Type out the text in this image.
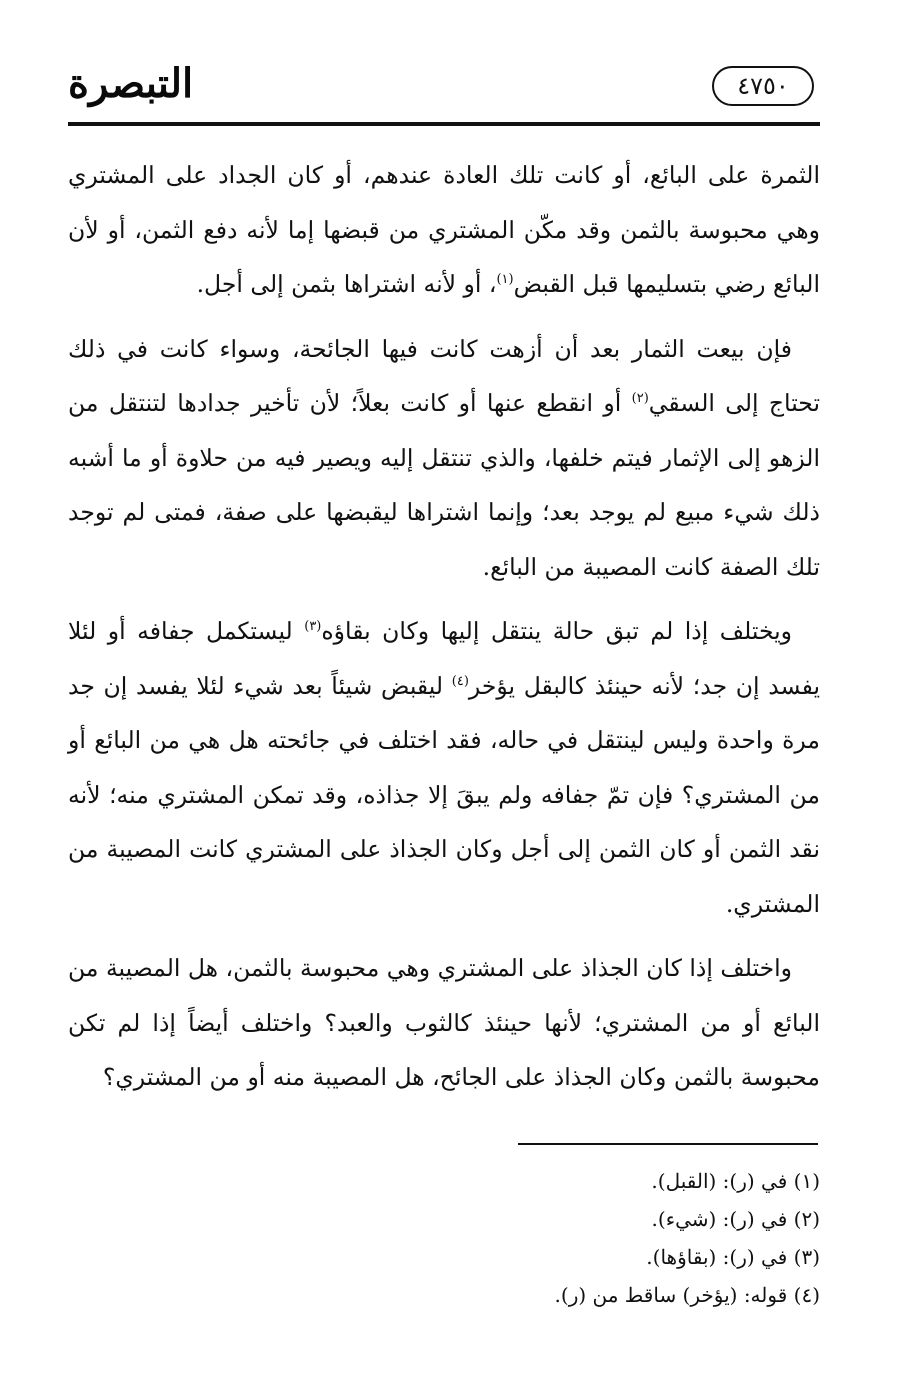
التبصرة	٤٧٥٠

الثمرة على البائع، أو كانت تلك العادة عندهم، أو كان الجداد على المشتري وهي محبوسة بالثمن وقد مكّن المشتري من قبضها إما لأنه دفع الثمن، أو لأن البائع رضي بتسليمها قبل القبض$^{(١)}$، أو لأنه اشتراها بثمن إلى أجل.

فإن بيعت الثمار بعد أن أزهت كانت فيها الجائحة، وسواء كانت في ذلك تحتاج إلى السقي$^{(٢)}$ أو انقطع عنها أو كانت بعلاً؛ لأن تأخير جدادها لتنتقل من الزهو إلى الإثمار فيتم خلفها، والذي تنتقل إليه ويصير فيه من حلاوة أو ما أشبه ذلك شيء مبيع لم يوجد بعد؛ وإنما اشتراها ليقبضها على صفة، فمتى لم توجد تلك الصفة كانت المصيبة من البائع.

ويختلف إذا لم تبق حالة ينتقل إليها وكان بقاؤه$^{(٣)}$ ليستكمل جفافه أو لئلا يفسد إن جد؛ لأنه حينئذ كالبقل يؤخر$^{(٤)}$ ليقبض شيئاً بعد شيء لئلا يفسد إن جد مرة واحدة وليس لينتقل في حاله، فقد اختلف في جائحته هل هي من البائع أو من المشتري؟ فإن تمّ جفافه ولم يبقَ إلا جذاذه، وقد تمكن المشتري منه؛ لأنه نقد الثمن أو كان الثمن إلى أجل وكان الجذاذ على المشتري كانت المصيبة من المشتري.

واختلف إذا كان الجذاذ على المشتري وهي محبوسة بالثمن، هل المصيبة من البائع أو من المشتري؛ لأنها حينئذ كالثوب والعبد؟ واختلف أيضاً إذا لم تكن محبوسة بالثمن وكان الجذاذ على الجائح، هل المصيبة منه أو من المشتري؟

(١) في (ر): (القبل).

(٢) في (ر): (شيء).

(٣) في (ر): (بقاؤها).

(٤) قوله: (يؤخر) ساقط من (ر).
